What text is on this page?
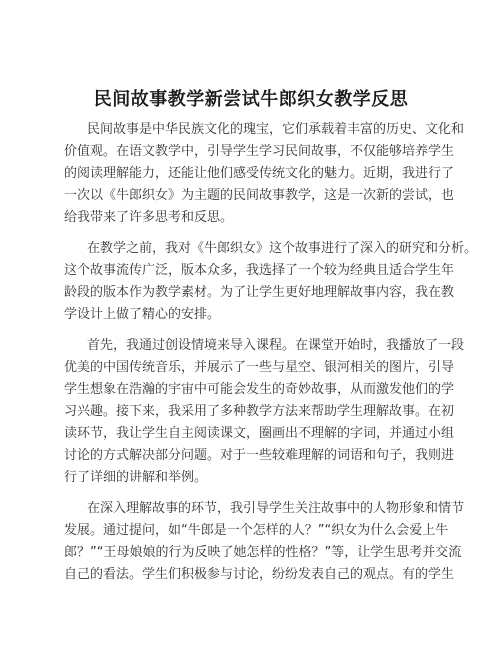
民间故事教学新尝试牛郎织女教学反思
民间故事是中华民族文化的瑰宝，它们承载着丰富的历史、文化和
价值观。在语文教学中，引导学生学习民间故事，不仅能够培养学生
的阅读理解能力，还能让他们感受传统文化的魅力。近期，我进行了
一次以《牛郎织女》为主题的民间故事教学，这是一次新的尝试，也
给我带来了许多思考和反思。
在教学之前，我对《牛郎织女》这个故事进行了深入的研究和分析。
这个故事流传广泛，版本众多，我选择了一个较为经典且适合学生年
龄段的版本作为教学素材。为了让学生更好地理解故事内容，我在教
学设计上做了精心的安排。
首先，我通过创设情境来导入课程。在课堂开始时，我播放了一段
优美的中国传统音乐，并展示了一些与星空、银河相关的图片，引导
学生想象在浩瀚的宇宙中可能会发生的奇妙故事，从而激发他们的学
习兴趣。接下来，我采用了多种教学方法来帮助学生理解故事。在初
读环节，我让学生自主阅读课文，圈画出不理解的字词，并通过小组
讨论的方式解决部分问题。对于一些较难理解的词语和句子，我则进
行了详细的讲解和举例。
在深入理解故事的环节，我引导学生关注故事中的人物形象和情节
发展。通过提问，如“牛郎是一个怎样的人？”“织女为什么会爱上牛
郎？”“王母娘娘的行为反映了她怎样的性格？”等，让学生思考并交流
自己的看法。学生们积极参与讨论，纷纷发表自己的观点。有的学生
